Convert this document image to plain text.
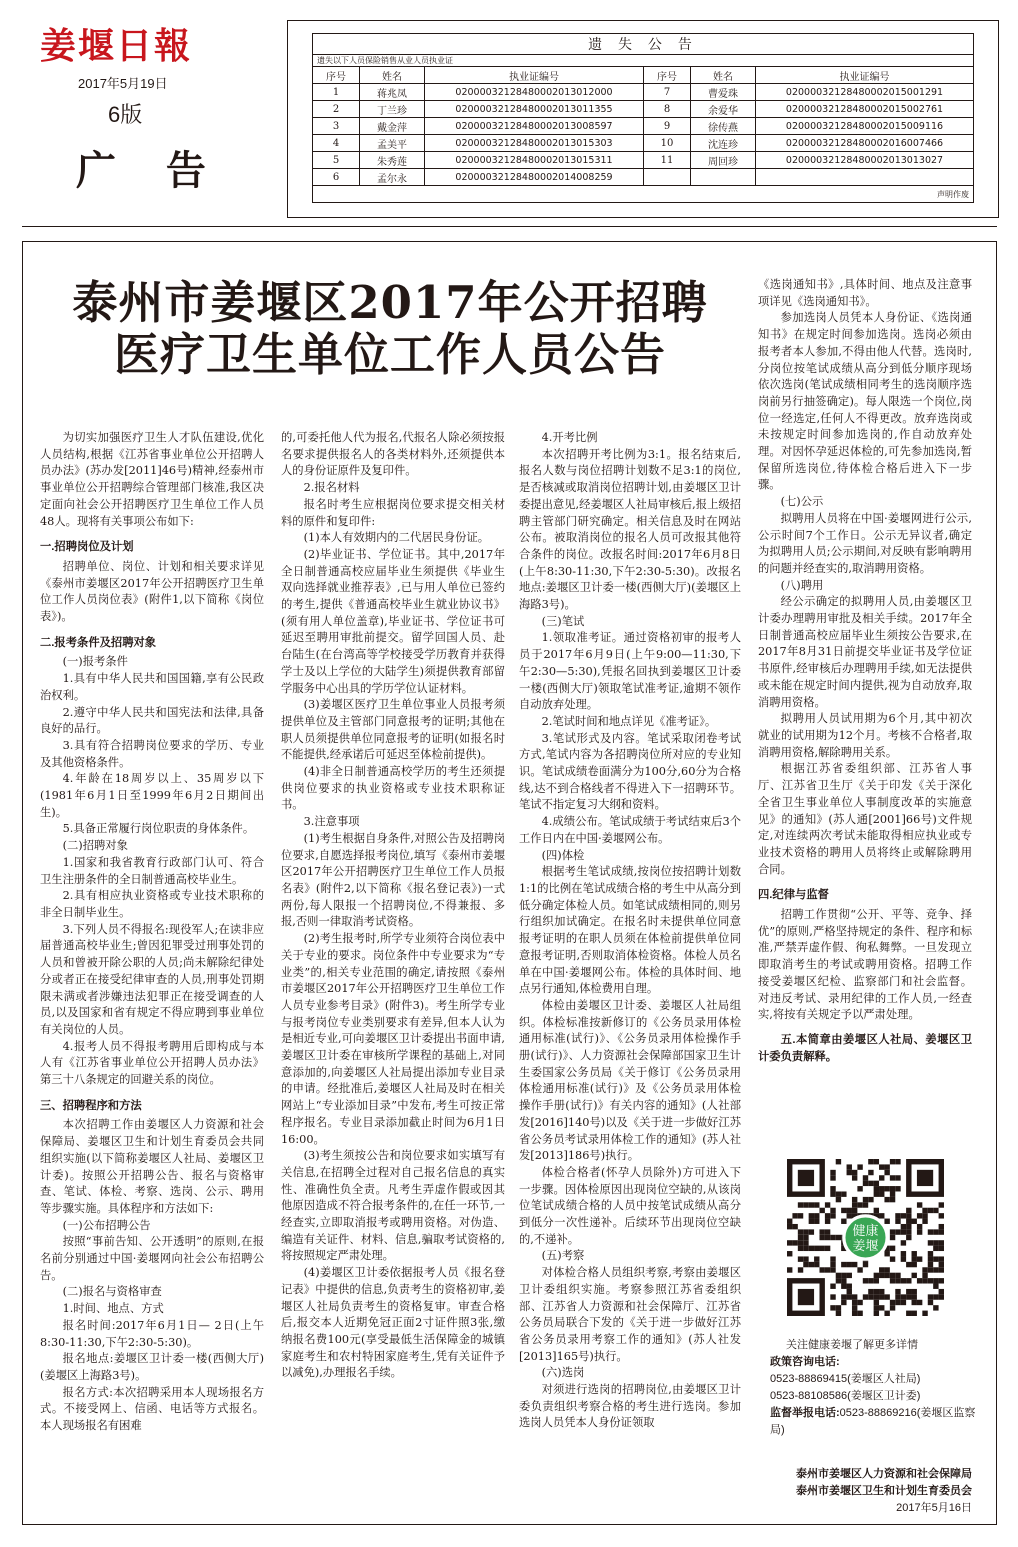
姜堰日報
2017年5月19日
6版
广 告
遗 失 公 告					
遗失以下人员保险销售从业人员执业证					
序号	姓名	执业证编号	序号	姓名	执业证编号
1	蒋兆凤	02000032128480002013012000	7	曹爱珠	02000032128480002015001291
2	丁兰珍	02000032128480002013011355	8	余爱华	02000032128480002015002761
3	戴金萍	02000032128480002013008597	9	徐传燕	02000032128480002015009116
4	孟美平	02000032128480002013015303	10	沈连珍	02000032128480002016007466
5	朱秀莲	02000032128480002013015311	11	周回珍	02000032128480002013013027
6	孟尔永	02000032128480002014008259			
声明作废					
泰州市姜堰区2017年公开招聘
医疗卫生单位工作人员公告

为切实加强医疗卫生人才队伍建设,优化人员结构,根据《江苏省事业单位公开招聘人员办法》(苏办发[2011]46号)精神,经泰州市事业单位公开招聘综合管理部门核准,我区决定面向社会公开招聘医疗卫生单位工作人员48人。现将有关事项公布如下:

一.招聘岗位及计划

招聘单位、岗位、计划和相关要求详见《泰州市姜堰区2017年公开招聘医疗卫生单位工作人员岗位表》(附件1,以下简称《岗位表》)。

二.报考条件及招聘对象

(一)报考条件

1.具有中华人民共和国国籍,享有公民政治权利。

2.遵守中华人民共和国宪法和法律,具备良好的品行。

3.具有符合招聘岗位要求的学历、专业及其他资格条件。

4.年龄在18周岁以上、35周岁以下(1981年6月1日至1999年6月2日期间出生)。

5.具备正常履行岗位职责的身体条件。

(二)招聘对象

1.国家和我省教育行政部门认可、符合卫生注册条件的全日制普通高校毕业生。

2.具有相应执业资格或专业技术职称的非全日制毕业生。

3.下列人员不得报名:现役军人;在读非应届普通高校毕业生;曾因犯罪受过刑事处罚的人员和曾被开除公职的人员;尚未解除纪律处分或者正在接受纪律审查的人员,刑事处罚期限未满或者涉嫌违法犯罪正在接受调查的人员,以及国家和省有规定不得应聘到事业单位有关岗位的人员。

4.报考人员不得报考聘用后即构成与本人有《江苏省事业单位公开招聘人员办法》第三十八条规定的回避关系的岗位。

三、招聘程序和方法

本次招聘工作由姜堰区人力资源和社会保障局、姜堰区卫生和计划生育委员会共同组织实施(以下简称姜堰区人社局、姜堰区卫计委)。按照公开招聘公告、报名与资格审查、笔试、体检、考察、选岗、公示、聘用等步骤实施。具体程序和方法如下:

(一)公布招聘公告

按照“事前告知、公开透明”的原则,在报名前分别通过中国·姜堰网向社会公布招聘公告。

(二)报名与资格审查

1.时间、地点、方式

报名时间:2017年6月1日— 2日(上午8:30-11:30,下午2:30-5:30)。

报名地点:姜堰区卫计委一楼(西侧大厅)(姜堰区上海路3号)。

报名方式:本次招聘采用本人现场报名方式。不接受网上、信函、电话等方式报名。本人现场报名有困难

的,可委托他人代为报名,代报名人除必须按报名要求提供报名人的各类材料外,还须提供本人的身份证原件及复印件。

2.报名材料

报名时考生应根据岗位要求提交相关材料的原件和复印件:

(1)本人有效期内的二代居民身份证。

(2)毕业证书、学位证书。其中,2017年全日制普通高校应届毕业生须提供《毕业生双向选择就业推荐表》,已与用人单位已签约的考生,提供《普通高校毕业生就业协议书》(须有用人单位盖章),毕业证书、学位证书可延迟至聘用审批前提交。留学回国人员、赴台陆生(在台湾高等学校接受学历教育并获得学士及以上学位的大陆学生)须提供教育部留学服务中心出具的学历学位认证材料。

(3)姜堰区医疗卫生单位事业人员报考须提供单位及主管部门同意报考的证明;其他在职人员须提供单位同意报考的证明(如报名时不能提供,经承诺后可延迟至体检前提供)。

(4)非全日制普通高校学历的考生还须提供岗位要求的执业资格或专业技术职称证书。

3.注意事项

(1)考生根据自身条件,对照公告及招聘岗位要求,自愿选择报考岗位,填写《泰州市姜堰区2017年公开招聘医疗卫生单位工作人员报名表》(附件2,以下简称《报名登记表》)一式两份,每人限报一个招聘岗位,不得兼报、多报,否则一律取消考试资格。

(2)考生报考时,所学专业须符合岗位表中关于专业的要求。岗位条件中专业要求为“专业类”的,相关专业范围的确定,请按照《泰州市姜堰区2017年公开招聘医疗卫生单位工作人员专业参考目录》(附件3)。考生所学专业与报考岗位专业类别要求有差异,但本人认为是相近专业,可向姜堰区卫计委提出书面申请,姜堰区卫计委在审核所学课程的基础上,对同意添加的,向姜堰区人社局提出添加专业目录的申请。经批准后,姜堰区人社局及时在相关网站上“专业添加目录”中发布,考生可按正常程序报名。专业目录添加截止时间为6月1日16:00。

(3)考生须按公告和岗位要求如实填写有关信息,在招聘全过程对自己报名信息的真实性、准确性负全责。凡考生弄虚作假或因其他原因造成不符合报考条件的,在任一环节,一经查实,立即取消报考或聘用资格。对伪造、编造有关证件、材料、信息,骗取考试资格的,将按照规定严肃处理。

(4)姜堰区卫计委依据报考人员《报名登记表》中提供的信息,负责考生的资格初审,姜堰区人社局负责考生的资格复审。审查合格后,报交本人近期免冠正面2寸证件照3张,缴纳报名费100元(享受最低生活保障金的城镇家庭考生和农村特困家庭考生,凭有关证件予以减免),办理报名手续。

4.开考比例

本次招聘开考比例为3:1。报名结束后,报名人数与岗位招聘计划数不足3:1的岗位,是否核减或取消岗位招聘计划,由姜堰区卫计委提出意见,经姜堰区人社局审核后,报上级招聘主管部门研究确定。相关信息及时在网站公布。被取消岗位的报名人员可改报其他符合条件的岗位。改报名时间:2017年6月8日(上午8:30-11:30,下午2:30-5:30)。改报名地点:姜堰区卫计委一楼(西侧大厅)(姜堰区上海路3号)。

(三)笔试

1.领取准考证。通过资格初审的报考人员于2017年6月9日(上午9:00—11:30,下午2:30—5:30),凭报名回执到姜堰区卫计委一楼(西侧大厅)领取笔试准考证,逾期不领作自动放弃处理。

2.笔试时间和地点详见《准考证》。

3.笔试形式及内容。笔试采取闭卷考试方式,笔试内容为各招聘岗位所对应的专业知识。笔试成绩卷面满分为100分,60分为合格线,达不到合格线者不得进入下一招聘环节。笔试不指定复习大纲和资料。

4.成绩公布。笔试成绩于考试结束后3个工作日内在中国·姜堰网公布。

(四)体检

根据考生笔试成绩,按岗位按招聘计划数1:1的比例在笔试成绩合格的考生中从高分到低分确定体检人员。如笔试成绩相同的,则另行组织加试确定。在报名时未提供单位同意报考证明的在职人员须在体检前提供单位同意报考证明,否则取消体检资格。体检人员名单在中国·姜堰网公布。体检的具体时间、地点另行通知,体检费用自理。

体检由姜堰区卫计委、姜堰区人社局组织。体检标准按新修订的《公务员录用体检通用标准(试行)》、《公务员录用体检操作手册(试行)》、人力资源社会保障部国家卫生计生委国家公务员局《关于修订《公务员录用体检通用标准(试行)》及《公务员录用体检操作手册(试行)》有关内容的通知》(人社部发[2016]140号)以及《关于进一步做好江苏省公务员考试录用体检工作的通知》(苏人社发[2013]186号)执行。

体检合格者(怀孕人员除外)方可进入下一步骤。因体检原因出现岗位空缺的,从该岗位笔试成绩合格的人员中按笔试成绩从高分到低分一次性递补。后续环节出现岗位空缺的,不递补。

(五)考察

对体检合格人员组织考察,考察由姜堰区卫计委组织实施。考察参照江苏省委组织部、江苏省人力资源和社会保障厅、江苏省公务员局联合下发的《关于进一步做好江苏省公务员录用考察工作的通知》(苏人社发[2013]165号)执行。

(六)选岗

对须进行选岗的招聘岗位,由姜堰区卫计委负责组织考察合格的考生进行选岗。参加选岗人员凭本人身份证领取

《选岗通知书》,具体时间、地点及注意事项详见《选岗通知书》。

参加选岗人员凭本人身份证、《选岗通知书》在规定时间参加选岗。选岗必须由报考者本人参加,不得由他人代替。选岗时,分岗位按笔试成绩从高分到低分顺序现场依次选岗(笔试成绩相同考生的选岗顺序选岗前另行抽签确定)。每人限选一个岗位,岗位一经选定,任何人不得更改。放弃选岗或未按规定时间参加选岗的,作自动放弃处理。对因怀孕延迟体检的,可先参加选岗,暂保留所选岗位,待体检合格后进入下一步骤。

(七)公示

拟聘用人员将在中国·姜堰网进行公示,公示时间7个工作日。公示无异议者,确定为拟聘用人员;公示期间,对反映有影响聘用的问题并经查实的,取消聘用资格。

(八)聘用

经公示确定的拟聘用人员,由姜堰区卫计委办理聘用审批及相关手续。2017年全日制普通高校应届毕业生须按公告要求,在2017年8月31日前提交毕业证书及学位证书原件,经审核后办理聘用手续,如无法提供或未能在规定时间内提供,视为自动放弃,取消聘用资格。

拟聘用人员试用期为6个月,其中初次就业的试用期为12个月。考核不合格者,取消聘用资格,解除聘用关系。

根据江苏省委组织部、江苏省人事厅、江苏省卫生厅《关于印发《关于深化全省卫生事业单位人事制度改革的实施意见》的通知》(苏人通[2001]66号)文件规定,对连续两次考试未能取得相应执业或专业技术资格的聘用人员将终止或解除聘用合同。

四.纪律与监督

招聘工作贯彻“公开、平等、竞争、择优”的原则,严格坚持规定的条件、程序和标准,严禁弄虚作假、徇私舞弊。一旦发现立即取消考生的考试或聘用资格。招聘工作接受姜堰区纪检、监察部门和社会监督。对违反考试、录用纪律的工作人员,一经查实,将按有关规定予以严肃处理。

五.本简章由姜堰区人社局、姜堰区卫计委负责解释。

健康
姜堰
关注健康姜堰了解更多详情
政策咨询电话:
0523-88869415(姜堰区人社局)
0523-88108586(姜堰区卫计委)
监督举报电话:0523-88869216(姜堰区监察局)
泰州市姜堰区人力资源和社会保障局
泰州市姜堰区卫生和计划生育委员会
2017年5月16日
